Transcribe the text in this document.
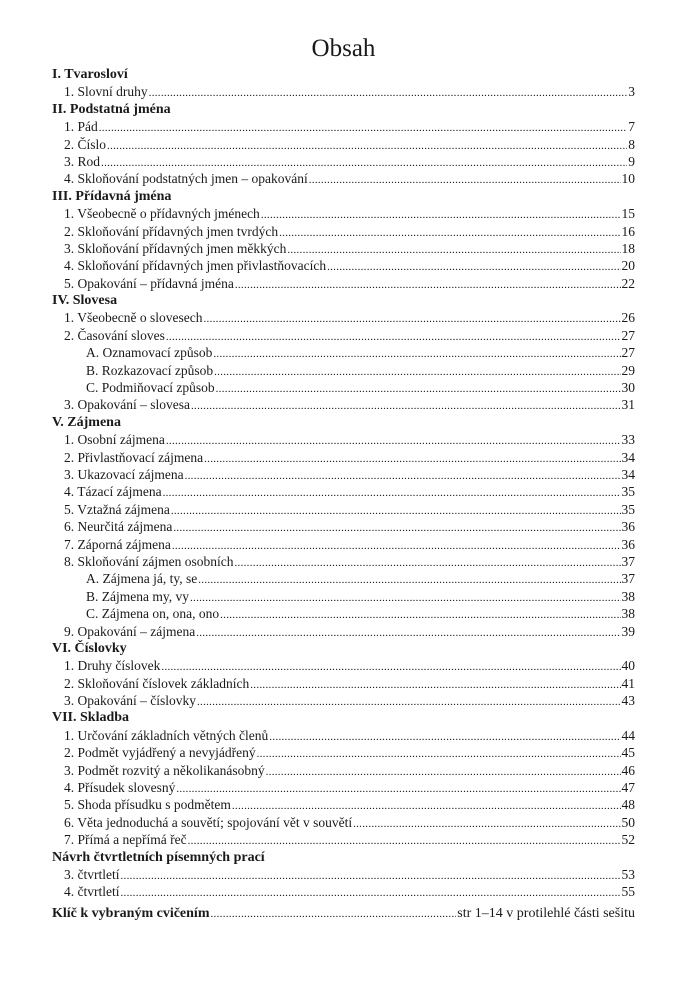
Obsah
I. Tvarosloví
1. Slovní druhy .....	3
II. Podstatná jména
1. Pád .....	7
2. Číslo .....	8
3. Rod .....	9
4. Skloňování podstatných jmen – opakování .....	10
III. Přídavná jména
1. Všeobecně o přídavných jménech .....	15
2. Skloňování přídavných jmen tvrdých .....	16
3. Skloňování přídavných jmen měkkých .....	18
4. Skloňování přídavných jmen přivlastňovacích .....	20
5. Opakování – přídavná jména .....	22
IV. Slovesa
1. Všeobecně o slovesech .....	26
2. Časování sloves .....	27
A. Oznamovací způsob .....	27
B. Rozkazovací způsob .....	29
C. Podmiňovací způsob .....	30
3. Opakování – slovesa .....	31
V. Zájmena
1. Osobní zájmena .....	33
2. Přivlastňovací zájmena .....	34
3. Ukazovací zájmena .....	34
4. Tázací zájmena .....	35
5. Vztažná zájmena .....	35
6. Neurčitá zájmena .....	36
7. Záporná zájmena .....	36
8. Skloňování zájmen osobních .....	37
A. Zájmena já, ty, se .....	37
B. Zájmena my, vy .....	38
C. Zájmena on, ona, ono .....	38
9. Opakování – zájmena .....	39
VI. Číslovky
1. Druhy číslovek .....	40
2. Skloňování číslovek základních .....	41
3. Opakování – číslovky .....	43
VII. Skladba
1. Určování základních větných členů .....	44
2. Podmět vyjádřený a nevyjádřený .....	45
3. Podmět rozvitý a několikanásobný .....	46
4. Přísudek slovesný .....	47
5. Shoda přísudku s podmětem .....	48
6. Věta jednoduchá a souvětí; spojování vět v souvětí .....	50
7. Přímá a nepřímá řeč .....	52
Návrh čtvrtletních písemných prací
3. čtvrtletí .....	53
4. čtvrtletí .....	55
Klíč k vybraným cvičením .....	str 1–14 v protilehlé části sešitu
